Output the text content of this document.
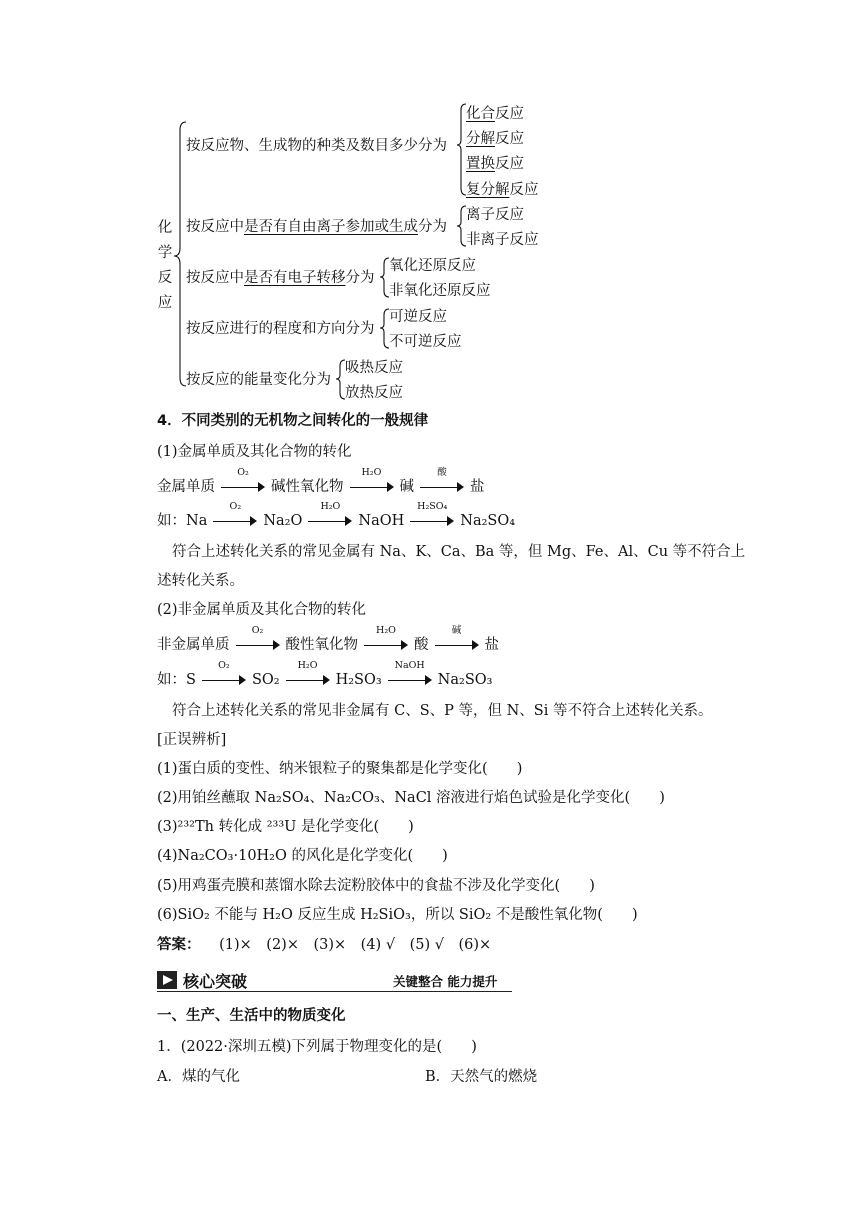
化
学
反
应
按反应物、生成物的种类及数目多少分为
按反应中是否有自由离子参加或生成分为
按反应中是否有电子转移分为
按反应进行的程度和方向分为
按反应的能量变化分为
化合反应
分解反应
置换反应
复分解反应
离子反应
非离子反应
氧化还原反应
非氧化还原反应
可逆反应
不可逆反应
吸热反应
放热反应
4．不同类别的无机物之间转化的一般规律
(1)金属单质及其化合物的转化
金属单质
O₂
碱性氧化物
H₂O
碱
酸
盐
如：Na
O₂
Na₂O
H₂O
NaOH
H₂SO₄
Na₂SO₄
符合上述转化关系的常见金属有 Na、K、Ca、Ba 等，但 Mg、Fe、Al、Cu 等不符合上
述转化关系。
(2)非金属单质及其化合物的转化
非金属单质
O₂
酸性氧化物
H₂O
酸
碱
盐
如：S
O₂
SO₂
H₂O
H₂SO₃
NaOH
Na₂SO₃
符合上述转化关系的常见非金属有 C、S、P 等，但 N、Si 等不符合上述转化关系。
[正误辨析]
(1)蛋白质的变性、纳米银粒子的聚集都是化学变化(　　)
(2)用铂丝蘸取 Na₂SO₄、Na₂CO₃、NaCl 溶液进行焰色试验是化学变化(　　)
(3)²³²Th 转化成 ²³³U 是化学变化(　　)
(4)Na₂CO₃·10H₂O 的风化是化学变化(　　)
(5)用鸡蛋壳膜和蒸馏水除去淀粉胶体中的食盐不涉及化学变化(　　)
(6)SiO₂ 不能与 H₂O 反应生成 H₂SiO₃，所以 SiO₂ 不是酸性氧化物(　　)
答案： (1)×　(2)×　(3)×　(4) √　(5) √　(6)×
核心突破	关键整合 能力提升
一、生产、生活中的物质变化
1．(2022·深圳五模)下列属于物理变化的是(　　)
A．煤的气化	B．天然气的燃烧
